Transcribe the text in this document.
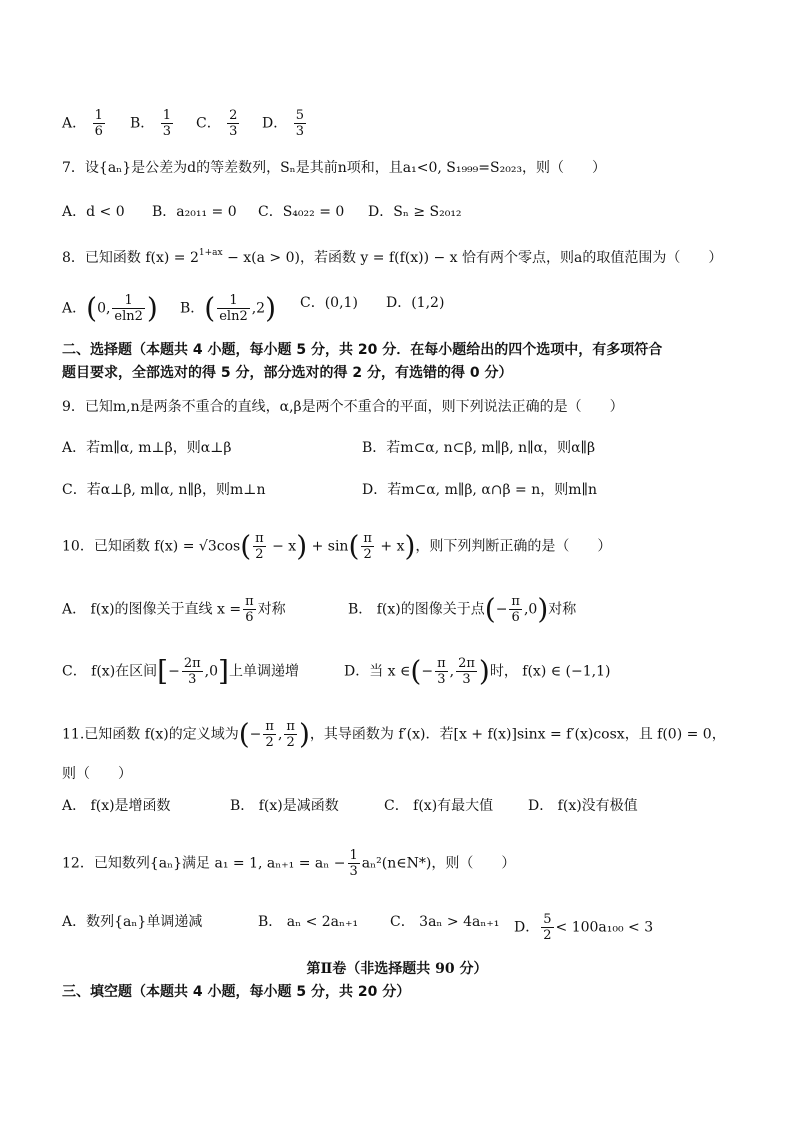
A． $\frac{1}{6}$ B． $\frac{1}{3}$ C． $\frac{2}{3}$ D． $\frac{5}{3}$
7．设{aₙ}是公差为d的等差数列，Sₙ是其前n项和，且a₁<0, S₁₉₉₉=S₂₀₂₃，则（　　）
A．d < 0 B．a₂₀₁₁ = 0 C．S₄₀₂₂ = 0 D．Sₙ ≥ S₂₀₁₂
8．已知函数 $f(x) = 2^{1+ax} - x(a > 0)$，若函数 y = f(f(x)) − x 恰有两个零点，则a的取值范围为（　　）
A．(0, $\frac{1}{eln2}$ ) B．( $\frac{1}{eln2} ,2$) C．(0,1) D．(1,2)
二、选择题（本题共 4 小题，每小题 5 分，共 20 分．在每小题给出的四个选项中，有多项符合
题目要求，全部选对的得 5 分，部分选对的得 2 分，有选错的得 0 分）
9．已知m,n是两条不重合的直线，α,β是两个不重合的平面，则下列说法正确的是（　　）
A．若m∥α, m⊥β，则α⊥β	B．若m⊂α, n⊂β, m∥β, n∥α，则α∥β
C．若α⊥β, m∥α, n∥β，则m⊥n	D．若m⊂α, m∥β, α∩β = n，则m∥n
10．已知函数 $f(x) = √3\cos( \frac{\pi}{2} - x) + \sin( \frac{\pi}{2} + x)$，则下列判断正确的是（　　）
A． f(x)的图像关于直线 $x = \frac{\pi}{6}$ 对称	B． f(x)的图像关于点(− $\frac{\pi}{6} ,0$)对称
C． f(x)在区间[− $\frac{2\pi}{3} ,0$]上单调递增	D．当 x ∈(− $\frac{\pi}{3}$ , $\frac{2\pi}{3}$ )时， f(x) ∈ (−1,1)
11.已知函数 f(x)的定义域为(− $\frac{\pi}{2}$ , $\frac{\pi}{2}$ )，其导函数为 f′(x)．若[x + f(x)]sinx = f′(x)cosx，且 f(0) = 0，
则（　　）
A． f(x)是增函数	B． f(x)是减函数	C． f(x)有最大值 D． f(x)没有极值
12．已知数列{aₙ}满足 a₁ = 1, $a_{n+1} = a_n - \frac{1}{3}$ aₙ²(n∈N*)，则（　　）
A．数列{aₙ}单调递减	B． aₙ < 2aₙ₊₁ C． 3aₙ > 4aₙ₊₁ D． $\frac{5}{2} < 100a_{100} < 3$
第Ⅱ卷（非选择题共 90 分）
三、填空题（本题共 4 小题，每小题 5 分，共 20 分）
